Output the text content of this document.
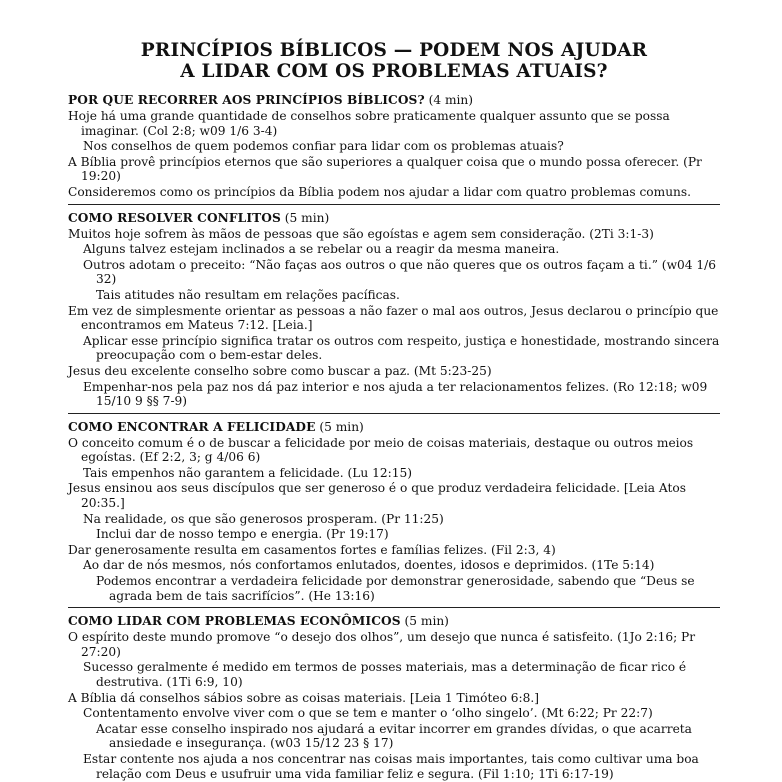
PRINCÍPIOS BÍBLICOS — PODEM NOS AJUDAR
A LIDAR COM OS PROBLEMAS ATUAIS?
POR QUE RECORRER AOS PRINCÍPIOS BÍBLICOS? (4 min)
Hoje há uma grande quantidade de conselhos sobre praticamente qualquer assunto que se possa imaginar. (Col 2:8; w09 1/6 3-4)
Nos conselhos de quem podemos confiar para lidar com os problemas atuais?
A Bíblia provê princípios eternos que são superiores a qualquer coisa que o mundo possa oferecer. (Pr 19:20)
Consideremos como os princípios da Bíblia podem nos ajudar a lidar com quatro problemas comuns.
COMO RESOLVER CONFLITOS (5 min)
Muitos hoje sofrem às mãos de pessoas que são egoístas e agem sem consideração. (2Ti 3:1-3)
Alguns talvez estejam inclinados a se rebelar ou a reagir da mesma maneira.
Outros adotam o preceito: “Não faças aos outros o que não queres que os outros façam a ti.” (w04 1/6 32)
Tais atitudes não resultam em relações pacíficas.
Em vez de simplesmente orientar as pessoas a não fazer o mal aos outros, Jesus declarou o princípio que encontramos em Mateus 7:12. [Leia.]
Aplicar esse princípio significa tratar os outros com respeito, justiça e honestidade, mostrando sincera preocupação com o bem-estar deles.
Jesus deu excelente conselho sobre como buscar a paz. (Mt 5:23-25)
Empenhar-nos pela paz nos dá paz interior e nos ajuda a ter relacionamentos felizes. (Ro 12:18; w09 15/10 9 §§ 7-9)
COMO ENCONTRAR A FELICIDADE (5 min)
O conceito comum é o de buscar a felicidade por meio de coisas materiais, destaque ou outros meios egoístas. (Ef 2:2, 3; g 4/06 6)
Tais empenhos não garantem a felicidade. (Lu 12:15)
Jesus ensinou aos seus discípulos que ser generoso é o que produz verdadeira felicidade. [Leia Atos 20:35.]
Na realidade, os que são generosos prosperam. (Pr 11:25)
Inclui dar de nosso tempo e energia. (Pr 19:17)
Dar generosamente resulta em casamentos fortes e famílias felizes. (Fil 2:3, 4)
Ao dar de nós mesmos, nós confortamos enlutados, doentes, idosos e deprimidos. (1Te 5:14)
Podemos encontrar a verdadeira felicidade por demonstrar generosidade, sabendo que “Deus se agrada bem de tais sacrifícios”. (He 13:16)
COMO LIDAR COM PROBLEMAS ECONÔMICOS (5 min)
O espírito deste mundo promove “o desejo dos olhos”, um desejo que nunca é satisfeito. (1Jo 2:16; Pr 27:20)
Sucesso geralmente é medido em termos de posses materiais, mas a determinação de ficar rico é destrutiva. (1Ti 6:9, 10)
A Bíblia dá conselhos sábios sobre as coisas materiais. [Leia 1 Timóteo 6:8.]
Contentamento envolve viver com o que se tem e manter o ‘olho singelo’. (Mt 6:22; Pr 22:7)
Acatar esse conselho inspirado nos ajudará a evitar incorrer em grandes dívidas, o que acarreta ansiedade e insegurança. (w03 15/12 23 § 17)
Estar contente nos ajuda a nos concentrar nas coisas mais importantes, tais como cultivar uma boa relação com Deus e usufruir uma vida familiar feliz e segura. (Fil 1:10; 1Ti 6:17-19)
